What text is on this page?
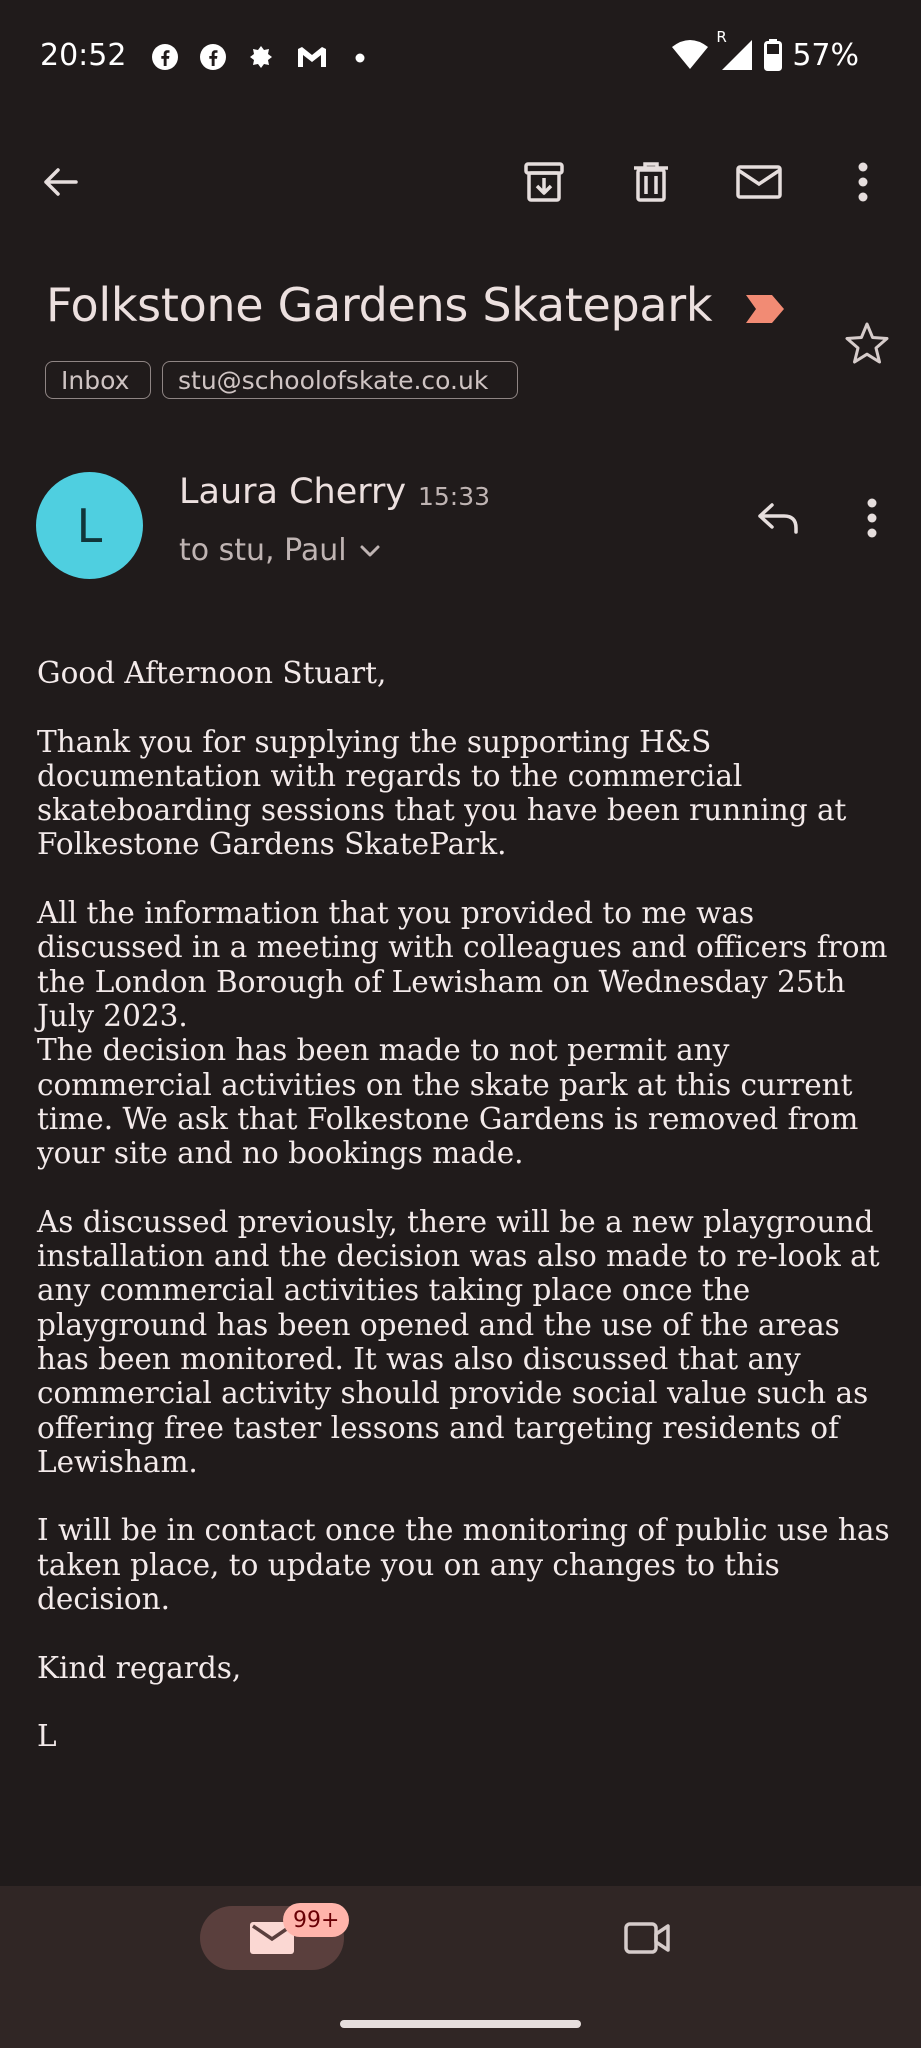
20:52
R
57%
Folkstone Gardens Skatepark
Inbox stu@schoolofskate.co.uk
L
Laura Cherry 15:33
to stu, Paul

Good Afternoon Stuart,

Thank you for supplying the supporting H&S documentation with regards to the commercial skateboarding sessions that you have been running at Folkestone Gardens SkatePark.

All the information that you provided to me was discussed in a meeting with colleagues and officers from the London Borough of Lewisham on Wednesday 25th July 2023.
The decision has been made to not permit any commercial activities on the skate park at this current time. We ask that Folkestone Gardens is removed from your site and no bookings made.

As discussed previously, there will be a new playground installation and the decision was also made to re-look at any commercial activities taking place once the playground has been opened and the use of the areas has been monitored. It was also discussed that any commercial activity should provide social value such as offering free taster lessons and targeting residents of Lewisham.

I will be in contact once the monitoring of public use has taken place, to update you on any changes to this decision.

Kind regards,

L

99+
